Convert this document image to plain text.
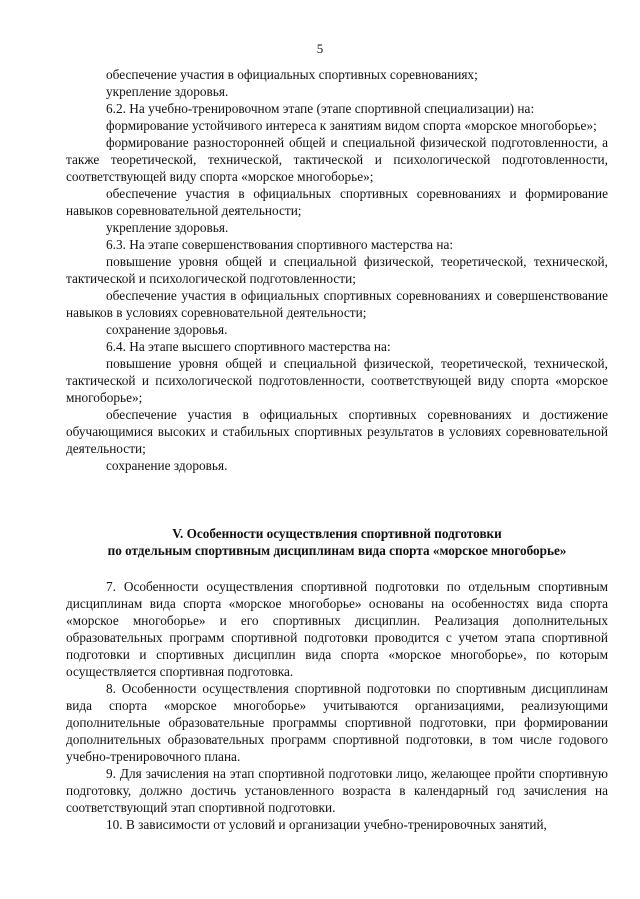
5

обеспечение участия в официальных спортивных соревнованиях;

укрепление здоровья.

6.2. На учебно-тренировочном этапе (этапе спортивной специализации) на:

формирование устойчивого интереса к занятиям видом спорта «морское многоборье»;

формирование разносторонней общей и специальной физической подготовленности, а также теоретической, технической, тактической и психологической подготовленности, соответствующей виду спорта «морское многоборье»;

обеспечение участия в официальных спортивных соревнованиях и формирование навыков соревновательной деятельности;

укрепление здоровья.

6.3. На этапе совершенствования спортивного мастерства на:

повышение уровня общей и специальной физической, теоретической, технической, тактической и психологической подготовленности;

обеспечение участия в официальных спортивных соревнованиях и совершенствование навыков в условиях соревновательной деятельности;

сохранение здоровья.

6.4. На этапе высшего спортивного мастерства на:

повышение уровня общей и специальной физической, теоретической, технической, тактической и психологической подготовленности, соответствующей виду спорта «морское многоборье»;

обеспечение участия в официальных спортивных соревнованиях и достижение обучающимися высоких и стабильных спортивных результатов в условиях соревновательной деятельности;

сохранение здоровья.

V. Особенности осуществления спортивной подготовки

по отдельным спортивным дисциплинам вида спорта «морское многоборье»

7. Особенности осуществления спортивной подготовки по отдельным спортивным дисциплинам вида спорта «морское многоборье» основаны на особенностях вида спорта «морское многоборье» и его спортивных дисциплин. Реализация дополнительных образовательных программ спортивной подготовки проводится с учетом этапа спортивной подготовки и спортивных дисциплин вида спорта «морское многоборье», по которым осуществляется спортивная подготовка.

8. Особенности осуществления спортивной подготовки по спортивным дисциплинам вида спорта «морское многоборье» учитываются организациями, реализующими дополнительные образовательные программы спортивной подготовки, при формировании дополнительных образовательных программ спортивной подготовки, в том числе годового учебно-тренировочного плана.

9. Для зачисления на этап спортивной подготовки лицо, желающее пройти спортивную подготовку, должно достичь установленного возраста в календарный год зачисления на соответствующий этап спортивной подготовки.

10. В зависимости от условий и организации учебно-тренировочных занятий,
